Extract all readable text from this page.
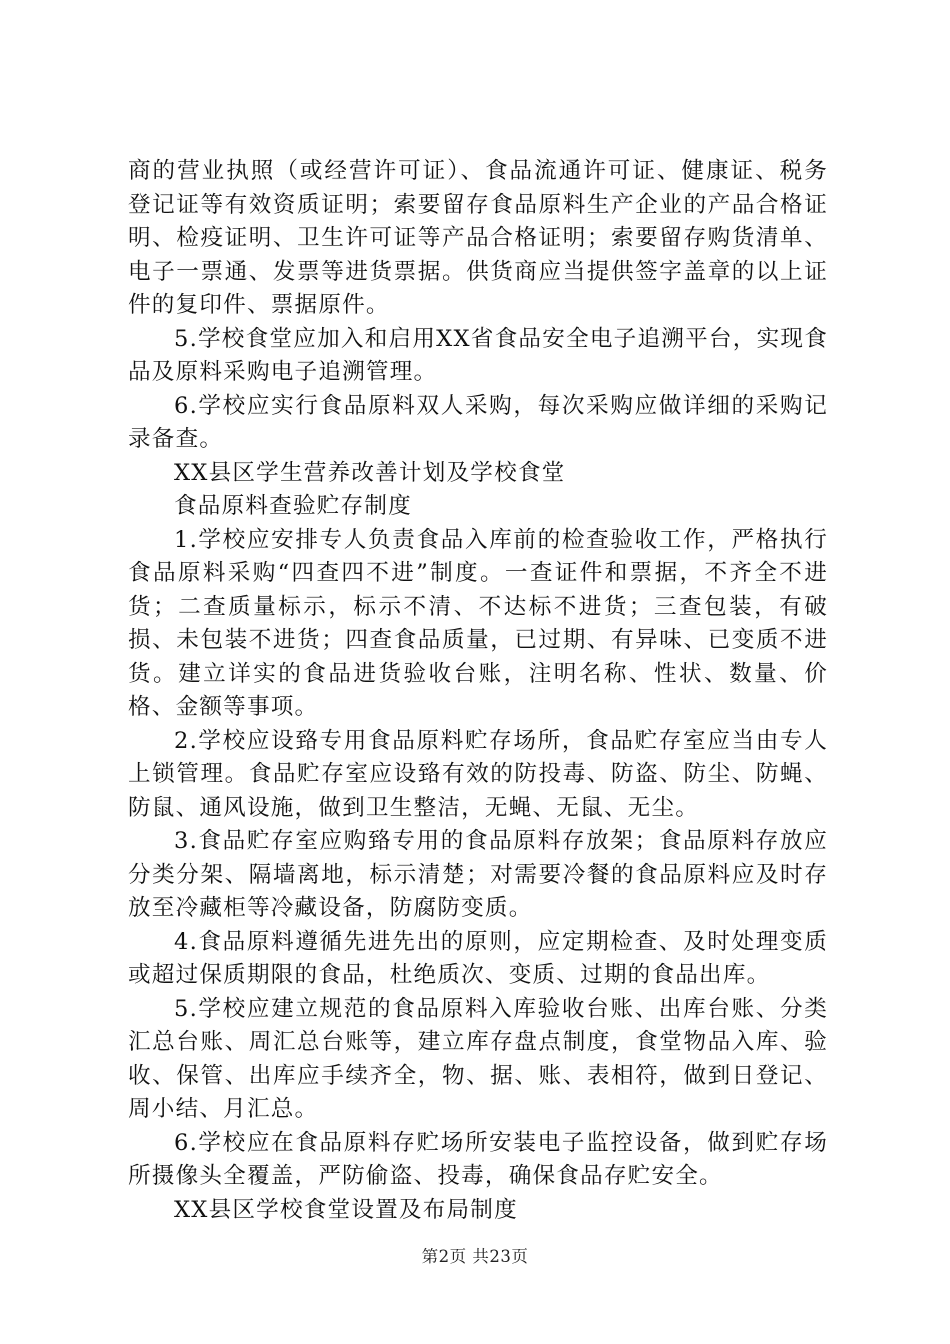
商的营业执照（或经营许可证）、食品流通许可证、健康证、税务登记证等有效资质证明；索要留存食品原料生产企业的产品合格证明、检疫证明、卫生许可证等产品合格证明；索要留存购货清单、电子一票通、发票等进货票据。供货商应当提供签字盖章的以上证件的复印件、票据原件。

5.学校食堂应加入和启用XX省食品安全电子追溯平台，实现食品及原料采购电子追溯管理。

6.学校应实行食品原料双人采购，每次采购应做详细的采购记录备查。

XX县区学生营养改善计划及学校食堂

食品原料查验贮存制度

1.学校应安排专人负责食品入库前的检查验收工作，严格执行食品原料采购“四查四不进”制度。一查证件和票据，不齐全不进货；二查质量标示，标示不清、不达标不进货；三查包装，有破损、未包装不进货；四查食品质量，已过期、有异味、已变质不进货。建立详实的食品进货验收台账，注明名称、性状、数量、价格、金额等事项。

2.学校应设臵专用食品原料贮存场所，食品贮存室应当由专人上锁管理。食品贮存室应设臵有效的防投毒、防盗、防尘、防蝇、防鼠、通风设施，做到卫生整洁，无蝇、无鼠、无尘。

3.食品贮存室应购臵专用的食品原料存放架；食品原料存放应分类分架、隔墙离地，标示清楚；对需要冷餐的食品原料应及时存放至冷藏柜等冷藏设备，防腐防变质。

4.食品原料遵循先进先出的原则，应定期检查、及时处理变质或超过保质期限的食品，杜绝质次、变质、过期的食品出库。

5.学校应建立规范的食品原料入库验收台账、出库台账、分类汇总台账、周汇总台账等，建立库存盘点制度，食堂物品入库、验收、保管、出库应手续齐全，物、据、账、表相符，做到日登记、周小结、月汇总。

6.学校应在食品原料存贮场所安装电子监控设备，做到贮存场所摄像头全覆盖，严防偷盗、投毒，确保食品存贮安全。

XX县区学校食堂设置及布局制度

第2页 共23页
